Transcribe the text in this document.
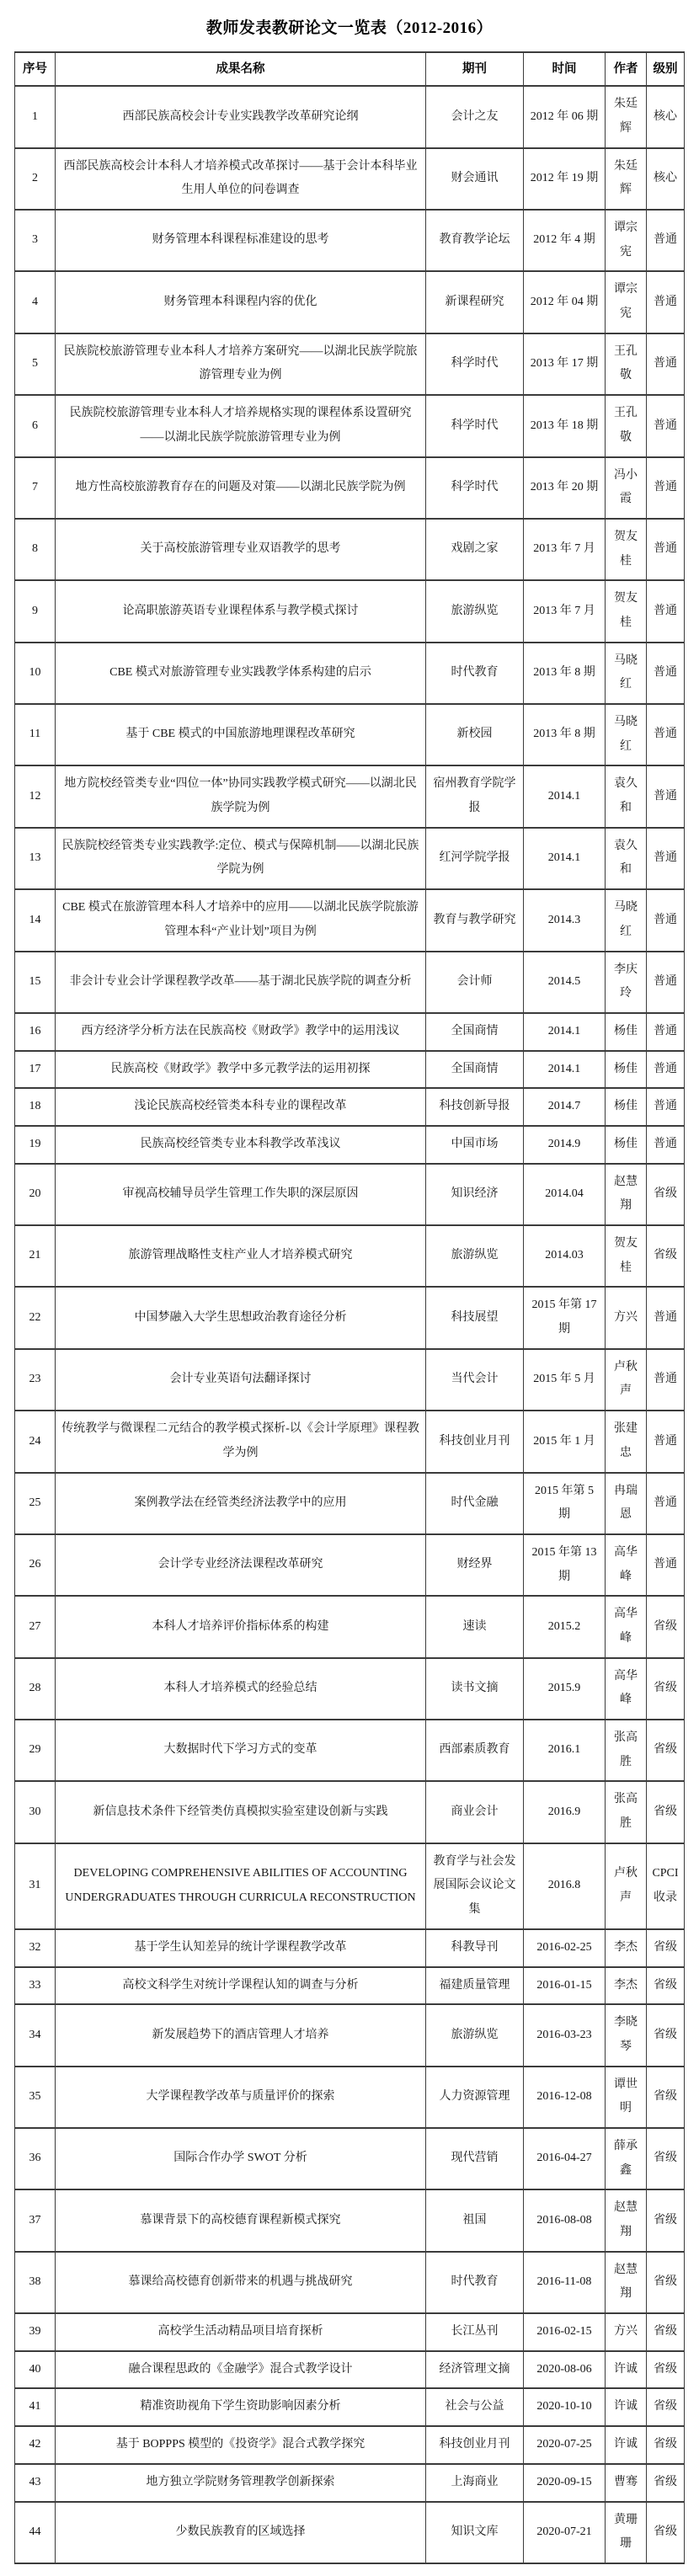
教师发表教研论文一览表（2012-2016）
序号	成果名称	期刊	时间	作者	级别
1	西部民族高校会计专业实践教学改革研究论纲	会计之友	2012 年 06 期	朱廷辉	核心
2	西部民族高校会计本科人才培养模式改革探讨——基于会计本科毕业生用人单位的问卷调查	财会通讯	2012 年 19 期	朱廷辉	核心
3	财务管理本科课程标准建设的思考	教育教学论坛	2012 年 4 期	谭宗宪	普通
4	财务管理本科课程内容的优化	新课程研究	2012 年 04 期	谭宗宪	普通
5	民族院校旅游管理专业本科人才培养方案研究——以湖北民族学院旅游管理专业为例	科学时代	2013 年 17 期	王孔敬	普通
6	民族院校旅游管理专业本科人才培养规格实现的课程体系设置研究——以湖北民族学院旅游管理专业为例	科学时代	2013 年 18 期	王孔敬	普通
7	地方性高校旅游教育存在的问题及对策——以湖北民族学院为例	科学时代	2013 年 20 期	冯小霞	普通
8	关于高校旅游管理专业双语教学的思考	戏剧之家	2013 年 7 月	贺友桂	普通
9	论高职旅游英语专业课程体系与教学模式探讨	旅游纵览	2013 年 7 月	贺友桂	普通
10	CBE 模式对旅游管理专业实践教学体系构建的启示	时代教育	2013 年 8 期	马晓红	普通
11	基于 CBE 模式的中国旅游地理课程改革研究	新校园	2013 年 8 期	马晓红	普通
12	地方院校经管类专业“四位一体”协同实践教学模式研究——以湖北民族学院为例	宿州教育学院学报	2014.1	袁久和	普通
13	民族院校经管类专业实践教学:定位、模式与保障机制——以湖北民族学院为例	红河学院学报	2014.1	袁久和	普通
14	CBE 模式在旅游管理本科人才培养中的应用——以湖北民族学院旅游管理本科“产业计划”项目为例	教育与教学研究	2014.3	马晓红	普通
15	非会计专业会计学课程教学改革——基于湖北民族学院的调查分析	会计师	2014.5	李庆玲	普通
16	西方经济学分析方法在民族高校《财政学》教学中的运用浅议	全国商情	2014.1	杨佳	普通
17	民族高校《财政学》教学中多元教学法的运用初探	全国商情	2014.1	杨佳	普通
18	浅论民族高校经管类本科专业的课程改革	科技创新导报	2014.7	杨佳	普通
19	民族高校经管类专业本科教学改革浅议	中国市场	2014.9	杨佳	普通
20	审视高校辅导员学生管理工作失职的深层原因	知识经济	2014.04	赵慧翔	省级
21	旅游管理战略性支柱产业人才培养模式研究	旅游纵览	2014.03	贺友桂	省级
22	中国梦融入大学生思想政治教育途径分析	科技展望	2015 年第 17 期	方兴	普通
23	会计专业英语句法翻译探讨	当代会计	2015 年 5 月	卢秋声	普通
24	传统教学与微课程二元结合的教学模式探析-以《会计学原理》课程教学为例	科技创业月刊	2015 年 1 月	张建忠	普通
25	案例教学法在经管类经济法教学中的应用	时代金融	2015 年第 5 期	冉瑞恩	普通
26	会计学专业经济法课程改革研究	财经界	2015 年第 13 期	高华峰	普通
27	本科人才培养评价指标体系的构建	速读	2015.2	高华峰	省级
28	本科人才培养模式的经验总结	读书文摘	2015.9	高华峰	省级
29	大数据时代下学习方式的变革	西部素质教育	2016.1	张高胜	省级
30	新信息技术条件下经管类仿真模拟实验室建设创新与实践	商业会计	2016.9	张高胜	省级
31	DEVELOPING COMPREHENSIVE ABILITIES OF ACCOUNTING UNDERGRADUATES THROUGH CURRICULA RECONSTRUCTION	教育学与社会发展国际会议论文集	2016.8	卢秋声	CPCI收录
32	基于学生认知差异的统计学课程教学改革	科教导刊	2016-02-25	李杰	省级
33	高校文科学生对统计学课程认知的调查与分析	福建质量管理	2016-01-15	李杰	省级
34	新发展趋势下的酒店管理人才培养	旅游纵览	2016-03-23	李晓琴	省级
35	大学课程教学改革与质量评价的探索	人力资源管理	2016-12-08	谭世明	省级
36	国际合作办学 SWOT 分析	现代营销	2016-04-27	薛承鑫	省级
37	慕课背景下的高校德育课程新模式探究	祖国	2016-08-08	赵慧翔	省级
38	慕课给高校德育创新带来的机遇与挑战研究	时代教育	2016-11-08	赵慧翔	省级
39	高校学生活动精品项目培育探析	长江丛刊	2016-02-15	方兴	省级
40	融合课程思政的《金融学》混合式教学设计	经济管理文摘	2020-08-06	许诚	省级
41	精准资助视角下学生资助影响因素分析	社会与公益	2020-10-10	许诚	省级
42	基于 BOPPPS 模型的《投资学》混合式教学探究	科技创业月刊	2020-07-25	许诚	省级
43	地方独立学院财务管理教学创新探索	上海商业	2020-09-15	曹骞	省级
44	少数民族教育的区域选择	知识文库	2020-07-21	黄珊珊	省级
